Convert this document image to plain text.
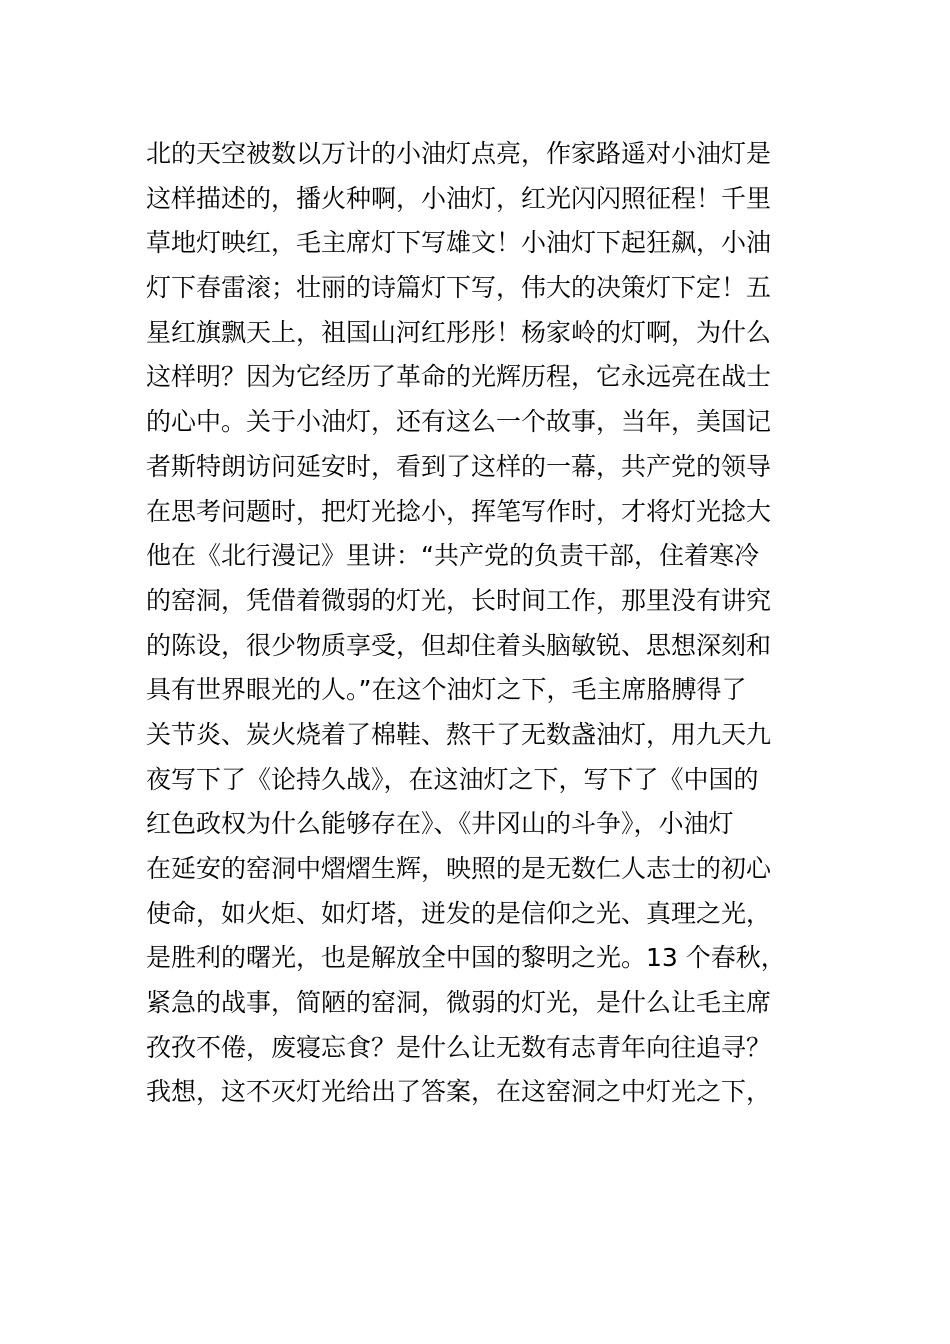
北的天空被数以万计的小油灯点亮，作家路遥对小油灯是
这样描述的，播火种啊，小油灯，红光闪闪照征程！千里
草地灯映红，毛主席灯下写雄文！小油灯下起狂飙，小油
灯下春雷滚；壮丽的诗篇灯下写，伟大的决策灯下定！五
星红旗飘天上，祖国山河红彤彤！杨家岭的灯啊，为什么
这样明？因为它经历了革命的光辉历程，它永远亮在战士
的心中。关于小油灯，还有这么一个故事，当年，美国记
者斯特朗访问延安时，看到了这样的一幕，共产党的领导
在思考问题时，把灯光捻小，挥笔写作时，才将灯光捻大
他在《北行漫记》里讲：“共产党的负责干部，住着寒冷
的窑洞，凭借着微弱的灯光，长时间工作，那里没有讲究
的陈设，很少物质享受，但却住着头脑敏锐、思想深刻和
具有世界眼光的人。”在这个油灯之下，毛主席胳膊得了
关节炎、炭火烧着了棉鞋、熬干了无数盏油灯，用九天九
夜写下了《论持久战》，在这油灯之下，写下了《中国的
红色政权为什么能够存在》、《井冈山的斗争》，小油灯
在延安的窑洞中熠熠生辉，映照的是无数仁人志士的初心
使命，如火炬、如灯塔，迸发的是信仰之光、真理之光，
是胜利的曙光，也是解放全中国的黎明之光。13 个春秋，
紧急的战事，简陋的窑洞，微弱的灯光，是什么让毛主席
孜孜不倦，废寝忘食？是什么让无数有志青年向往追寻？
我想，这不灭灯光给出了答案，在这窑洞之中灯光之下，
